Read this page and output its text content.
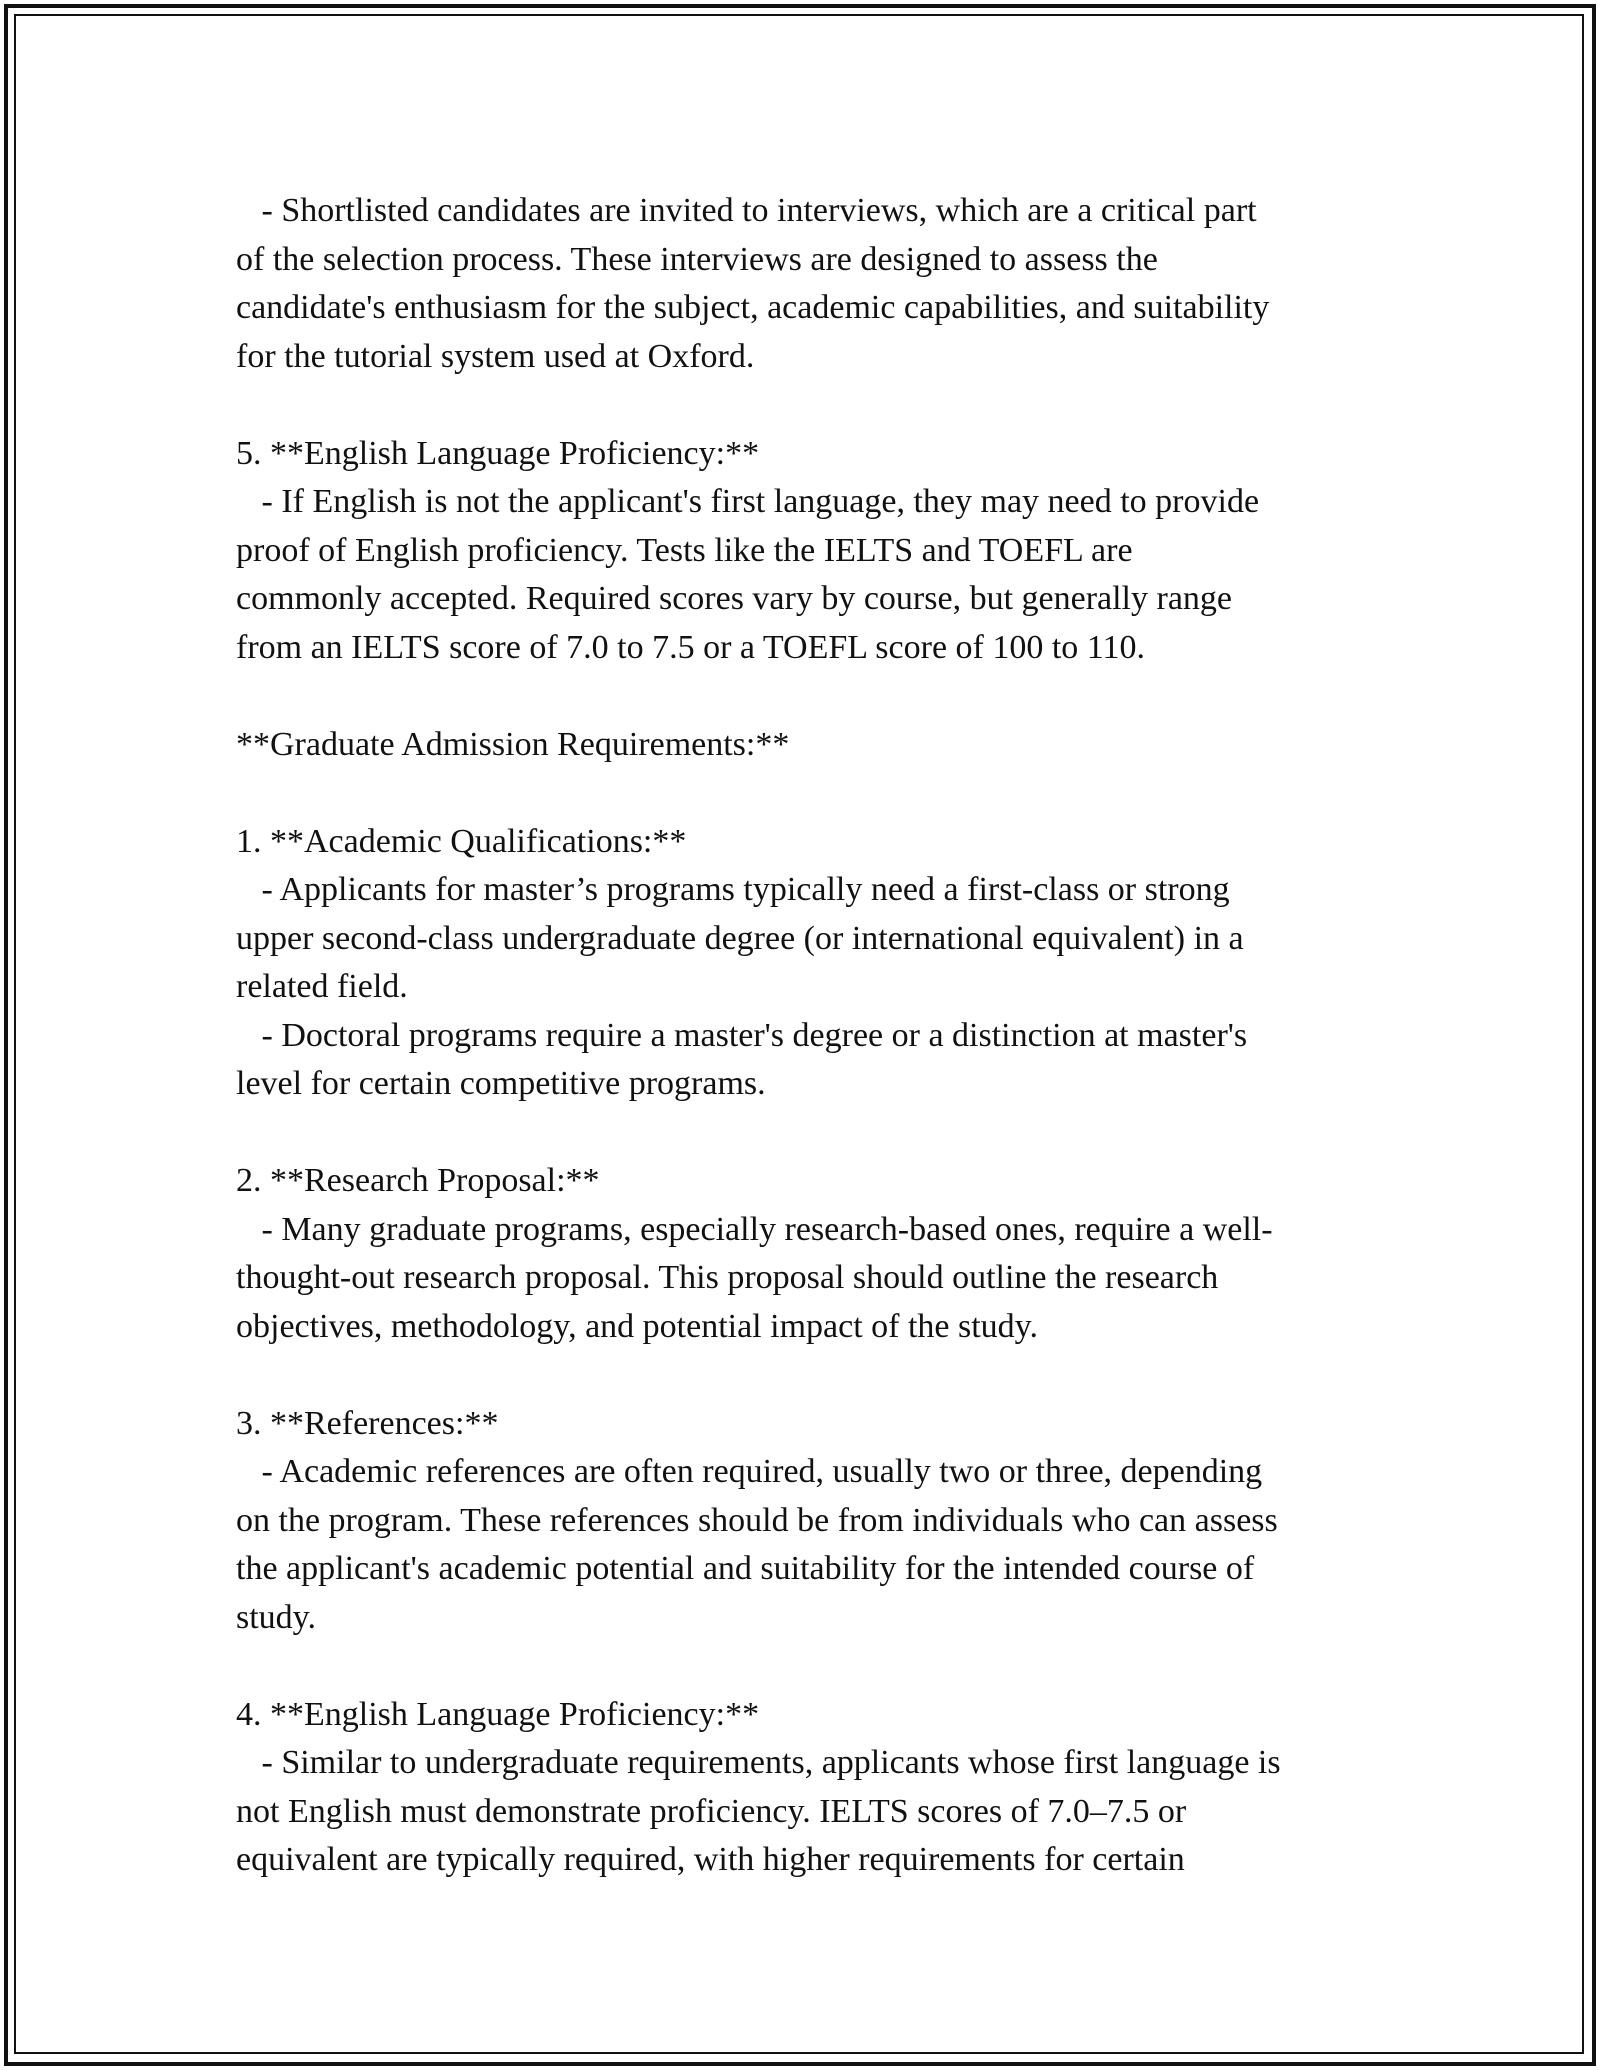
- Shortlisted candidates are invited to interviews, which are a critical part

of the selection process. These interviews are designed to assess the

candidate's enthusiasm for the subject, academic capabilities, and suitability

for the tutorial system used at Oxford.

5. **English Language Proficiency:**

- If English is not the applicant's first language, they may need to provide

proof of English proficiency. Tests like the IELTS and TOEFL are

commonly accepted. Required scores vary by course, but generally range

from an IELTS score of 7.0 to 7.5 or a TOEFL score of 100 to 110.

**Graduate Admission Requirements:**

1. **Academic Qualifications:**

- Applicants for master’s programs typically need a first-class or strong

upper second-class undergraduate degree (or international equivalent) in a

related field.

- Doctoral programs require a master's degree or a distinction at master's

level for certain competitive programs.

2. **Research Proposal:**

- Many graduate programs, especially research-based ones, require a well-

thought-out research proposal. This proposal should outline the research

objectives, methodology, and potential impact of the study.

3. **References:**

- Academic references are often required, usually two or three, depending

on the program. These references should be from individuals who can assess

the applicant's academic potential and suitability for the intended course of

study.

4. **English Language Proficiency:**

- Similar to undergraduate requirements, applicants whose first language is

not English must demonstrate proficiency. IELTS scores of 7.0–7.5 or

equivalent are typically required, with higher requirements for certain
